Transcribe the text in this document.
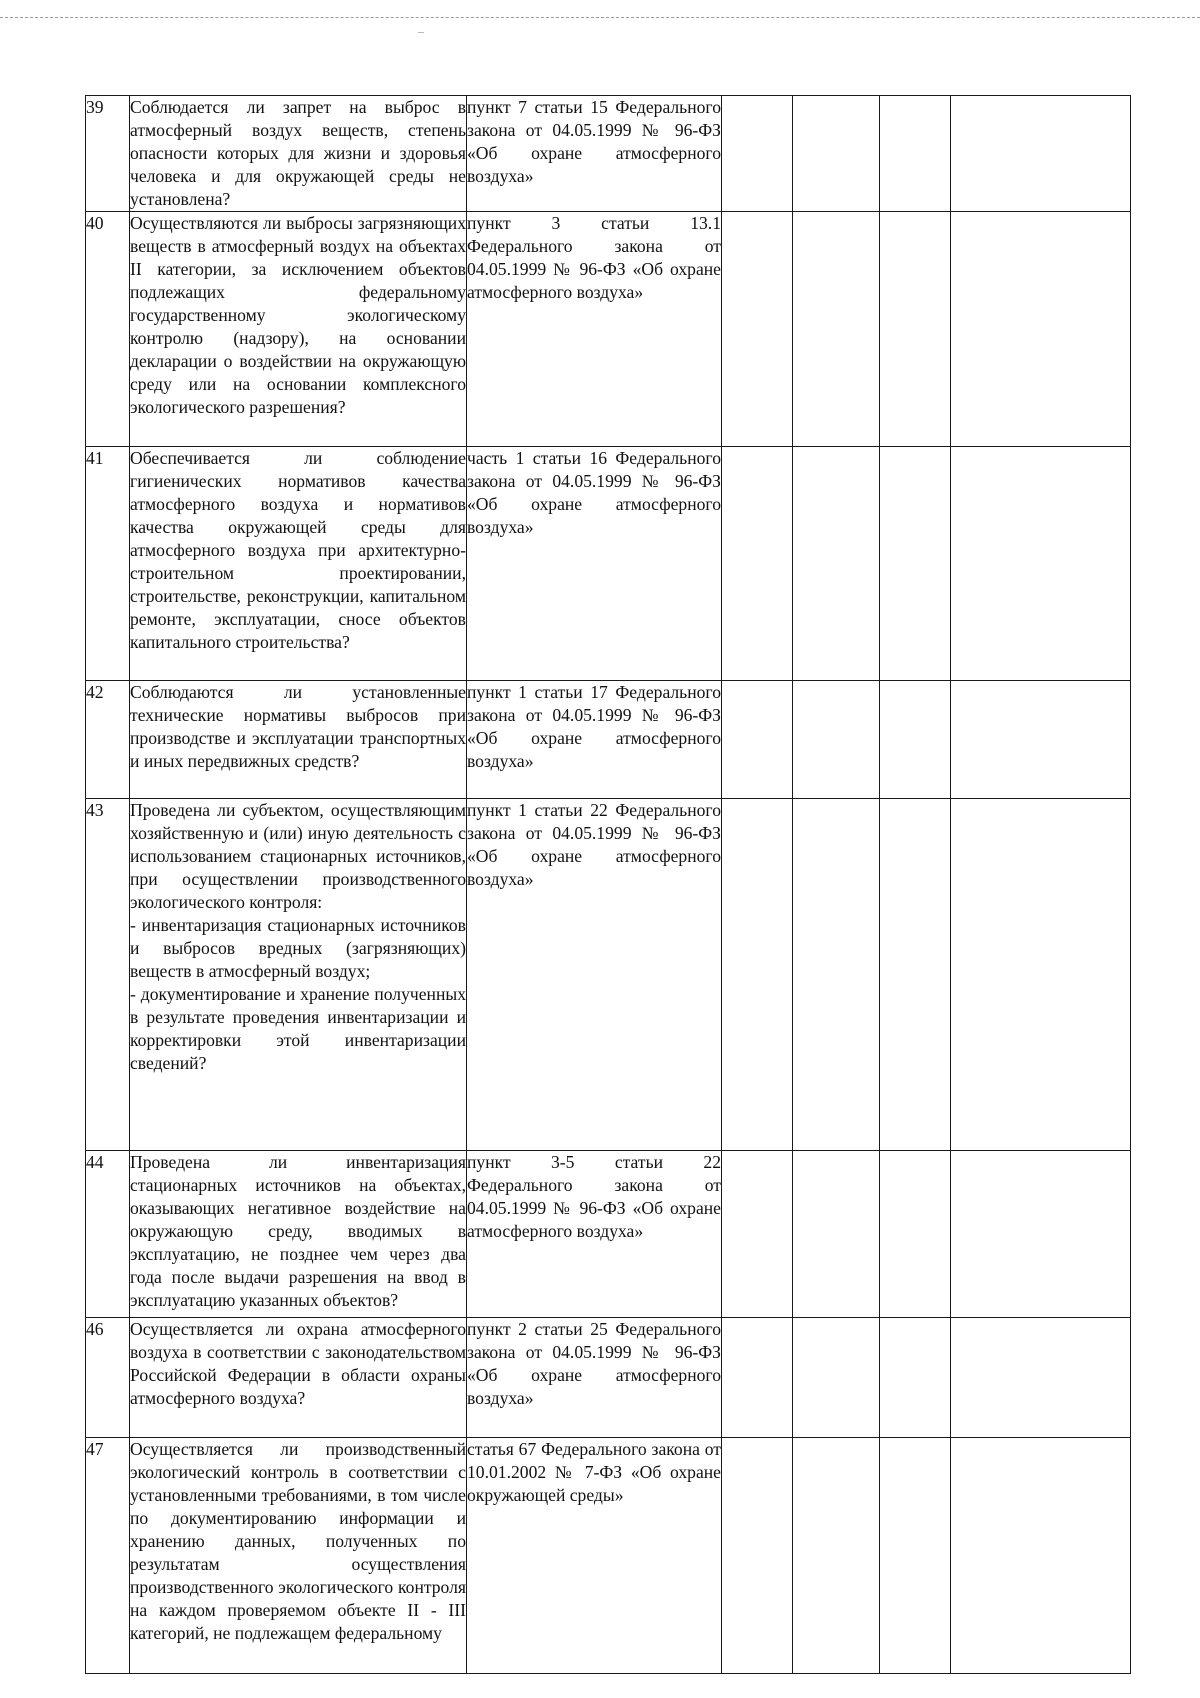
39	Соблюдается ли запрет на выброс в атмосферный воздух веществ, степень опасности которых для жизни и здоровья человека и для окружающей среды не установлена?	пункт 7 статьи 15 Федерального закона от 04.05.1999 № 96-ФЗ «Об охране атмосферного воздуха»				

40	Осуществляются ли выбросы загрязняющих веществ в атмосферный воздух на объектах II категории, за исключением объектов подлежащих федеральному государственному экологическому контролю (надзору), на основании декларации о воздействии на окружающую среду или на основании комплексного экологического разрешения?	пункт 3 статьи 13.1 Федерального закона от 04.05.1999 № 96-ФЗ «Об охране атмосферного воздуха»				

41	Обеспечивается ли соблюдение гигиенических нормативов качества атмосферного воздуха и нормативов качества окружающей среды для атмосферного воздуха при архитектурно-строительном проектировании, строительстве, реконструкции, капитальном ремонте, эксплуатации, сносе объектов капитального строительства?	часть 1 статьи 16 Федерального закона от 04.05.1999 № 96-ФЗ «Об охране атмосферного воздуха»				

42	Соблюдаются ли установленные технические нормативы выбросов при производстве и эксплуатации транспортных и иных передвижных средств?	пункт 1 статьи 17 Федерального закона от 04.05.1999 № 96-ФЗ «Об охране атмосферного воздуха»				

43	Проведена ли субъектом, осуществляющим хозяйственную и (или) иную деятельность с использованием стационарных источников, при осуществлении производственного экологического контроля:
- инвентаризация стационарных источников и выбросов вредных (загрязняющих) веществ в атмосферный воздух;
- документирование и хранение полученных в результате проведения инвентаризации и корректировки этой инвентаризации сведений?	пункт 1 статьи 22 Федерального закона от 04.05.1999 № 96-ФЗ «Об охране атмосферного воздуха»				

44	Проведена ли инвентаризация стационарных источников на объектах, оказывающих негативное воздействие на окружающую среду, вводимых в эксплуатацию, не позднее чем через два года после выдачи разрешения на ввод в эксплуатацию указанных объектов?	пункт 3-5 статьи 22 Федерального закона от 04.05.1999 № 96-ФЗ «Об охране атмосферного воздуха»				

46	Осуществляется ли охрана атмосферного воздуха в соответствии с законодательством Российской Федерации в области охраны атмосферного воздуха?	пункт 2 статьи 25 Федерального закона от 04.05.1999 № 96-ФЗ «Об охране атмосферного воздуха»				

47	Осуществляется ли производственный экологический контроль в соответствии с установленными требованиями, в том числе по документированию информации и хранению данных, полученных по результатам осуществления производственного экологического контроля на каждом проверяемом объекте II - III категорий, не подлежащем федеральному	статья 67 Федерального закона от 10.01.2002 № 7-ФЗ «Об охране окружающей среды»				
